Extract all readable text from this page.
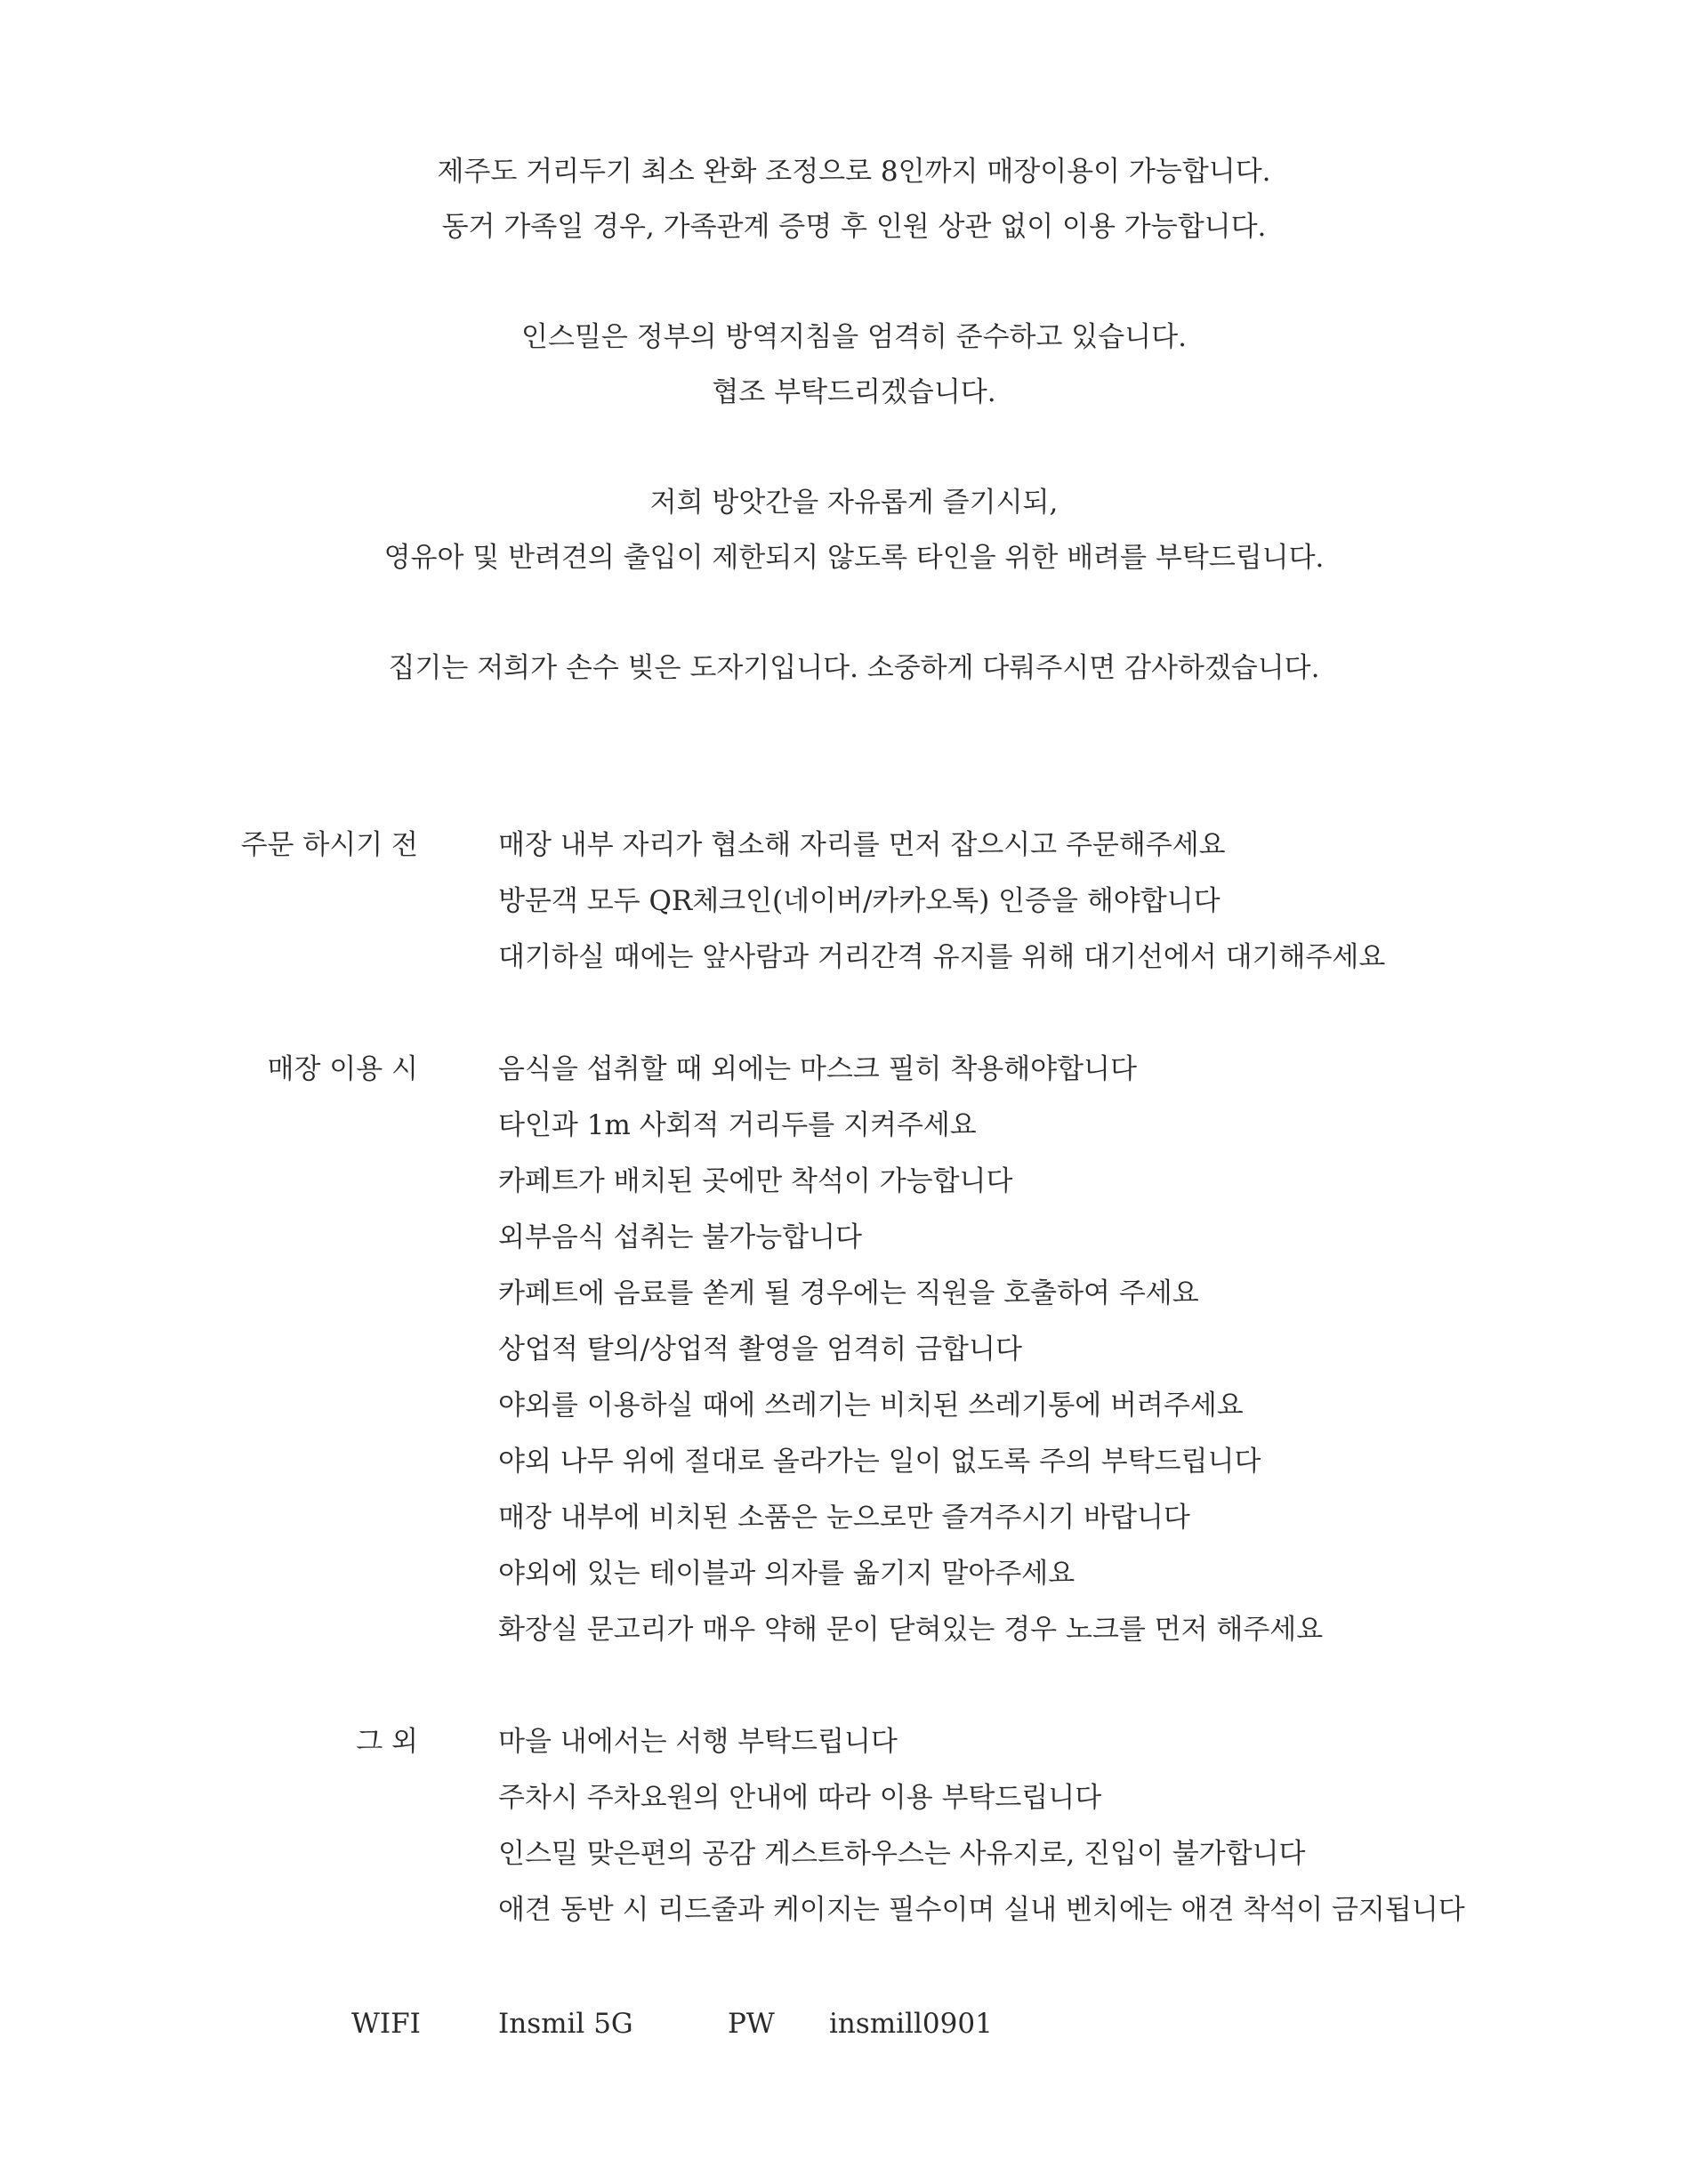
제주도 거리두기 최소 완화 조정으로 8인까지 매장이용이 가능합니다.
동거 가족일 경우, 가족관계 증명 후 인원 상관 없이 이용 가능합니다.
인스밀은 정부의 방역지침을 엄격히 준수하고 있습니다.
협조 부탁드리겠습니다.
저희 방앗간을 자유롭게 즐기시되,
영유아 및 반려견의 출입이 제한되지 않도록 타인을 위한 배려를 부탁드립니다.
집기는 저희가 손수 빚은 도자기입니다. 소중하게 다뤄주시면 감사하겠습니다.
주문 하시기 전	매장 내부 자리가 협소해 자리를 먼저 잡으시고 주문해주세요
방문객 모두 QR체크인(네이버/카카오톡) 인증을 해야합니다
대기하실 때에는 앞사람과 거리간격 유지를 위해 대기선에서 대기해주세요
매장 이용 시	음식을 섭취할 때 외에는 마스크 필히 착용해야합니다
타인과 1m 사회적 거리두를 지켜주세요
카페트가 배치된 곳에만 착석이 가능합니다
외부음식 섭취는 불가능합니다
카페트에 음료를 쏟게 될 경우에는 직원을 호출하여 주세요
상업적 탈의/상업적 촬영을 엄격히 금합니다
야외를 이용하실 때에 쓰레기는 비치된 쓰레기통에 버려주세요
야외 나무 위에 절대로 올라가는 일이 없도록 주의 부탁드립니다
매장 내부에 비치된 소품은 눈으로만 즐겨주시기 바랍니다
야외에 있는 테이블과 의자를 옮기지 말아주세요
화장실 문고리가 매우 약해 문이 닫혀있는 경우 노크를 먼저 해주세요
그 외	마을 내에서는 서행 부탁드립니다
주차시 주차요원의 안내에 따라 이용 부탁드립니다
인스밀 맞은편의 공감 게스트하우스는 사유지로, 진입이 불가합니다
애견 동반 시 리드줄과 케이지는 필수이며 실내 벤치에는 애견 착석이 금지됩니다
WIFI	Insmil 5G	PW insmill0901
